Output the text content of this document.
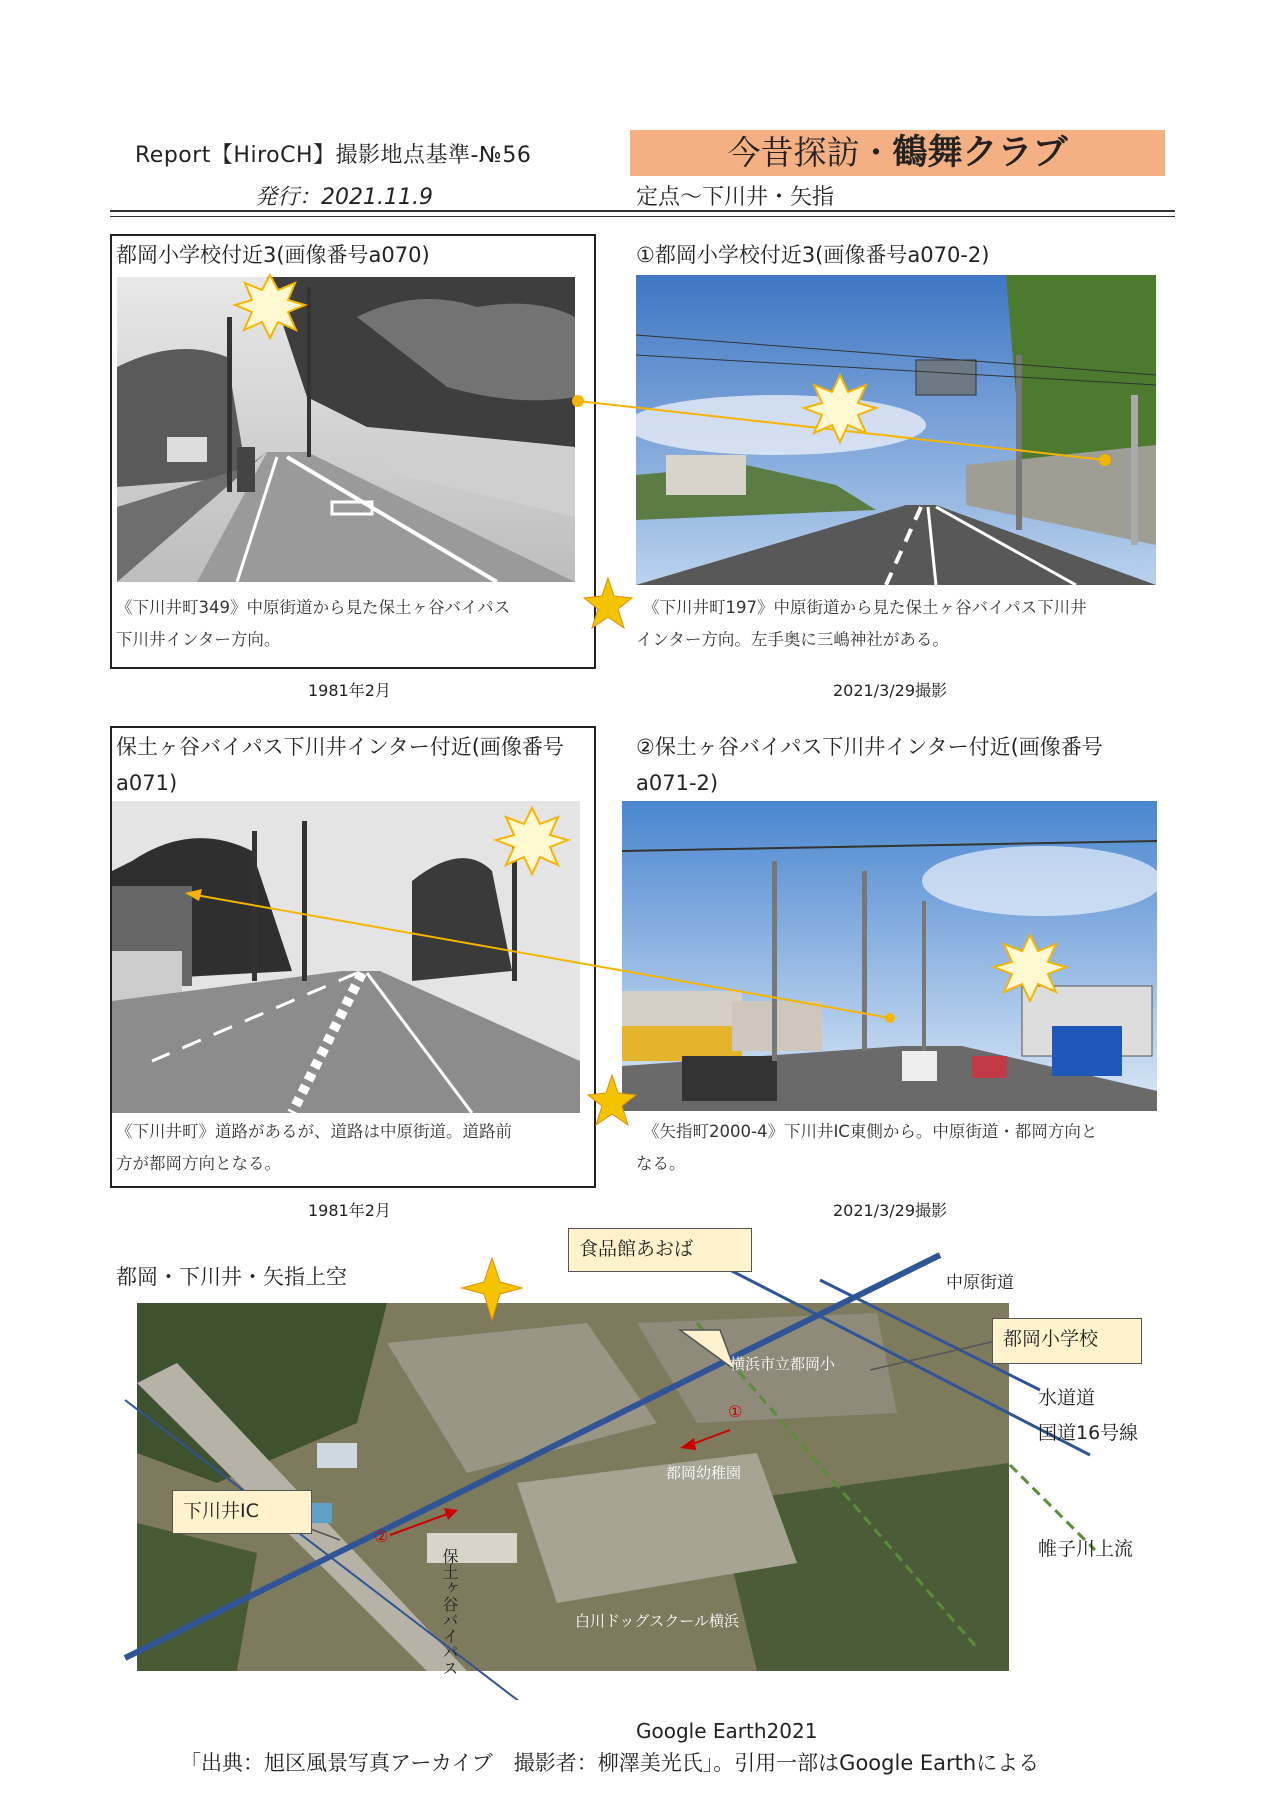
Report【HiroCH】撮影地点基準-№56
発行：2021.11.9
今昔探訪・鶴舞クラブ
定点〜下川井・矢指
都岡小学校付近3(画像番号a070)
《下川井町349》中原街道から見た保土ヶ谷バイパス
下川井インター方向。
1981年2月
①都岡小学校付近3(画像番号a070-2)
《下川井町197》中原街道から見た保土ヶ谷バイパス下川井
インター方向。左手奥に三嶋神社がある。
2021/3/29撮影
保土ヶ谷バイパス下川井インター付近(画像番号
a071)
《下川井町》道路があるが、道路は中原街道。道路前
方が都岡方向となる。
1981年2月
②保土ヶ谷バイパス下川井インター付近(画像番号
a071-2)
《矢指町2000-4》下川井IC東側から。中原街道・都岡方向と
なる。
2021/3/29撮影
都岡・下川井・矢指上空
①
②
横浜市立都岡小
都岡幼稚園
白川ドッグスクール横浜
保土ヶ谷バイパス
食品館あおば
都岡小学校
下川井IC
中原街道
水道道
国道16号線
帷子川上流
Google Earth2021
「出典：旭区風景写真アーカイブ　撮影者：柳澤美光氏」。引用一部はGoogle Earthによる
